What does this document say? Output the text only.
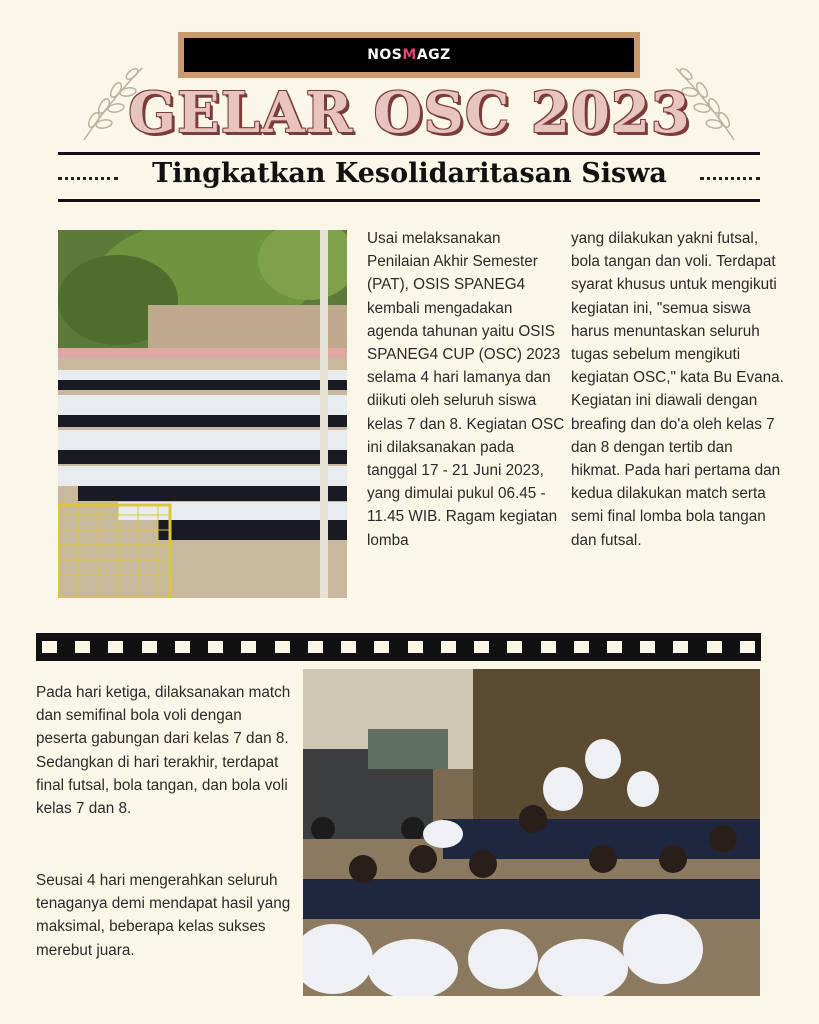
NOSMAGZ
GELAR OSC 2023
Tingkatkan Kesolidaritasan Siswa
Usai melaksanakan Penilaian Akhir Semester (PAT), OSIS SPANEG4 kembali mengadakan agenda tahunan yaitu OSIS SPANEG4 CUP (OSC) 2023 selama 4 hari lamanya dan diikuti oleh seluruh siswa kelas 7 dan 8. Kegiatan OSC ini dilaksanakan pada tanggal 17 - 21 Juni 2023, yang dimulai pukul 06.45 - 11.45 WIB. Ragam kegiatan lomba
yang dilakukan yakni futsal, bola tangan dan voli. Terdapat syarat khusus untuk mengikuti kegiatan ini, "semua siswa harus menuntaskan seluruh tugas sebelum mengikuti kegiatan OSC," kata Bu Evana. Kegiatan ini diawali dengan breafing dan do'a oleh kelas 7 dan 8 dengan tertib dan hikmat. Pada hari pertama dan kedua dilakukan match serta semi final lomba bola tangan dan futsal.
Pada hari ketiga, dilaksanakan match dan semifinal bola voli dengan peserta gabungan dari kelas 7 dan 8. Sedangkan di hari terakhir, terdapat final futsal, bola tangan, dan bola voli kelas 7 dan 8.
Seusai 4 hari mengerahkan seluruh tenaganya demi mendapat hasil yang maksimal, beberapa kelas sukses merebut juara.
